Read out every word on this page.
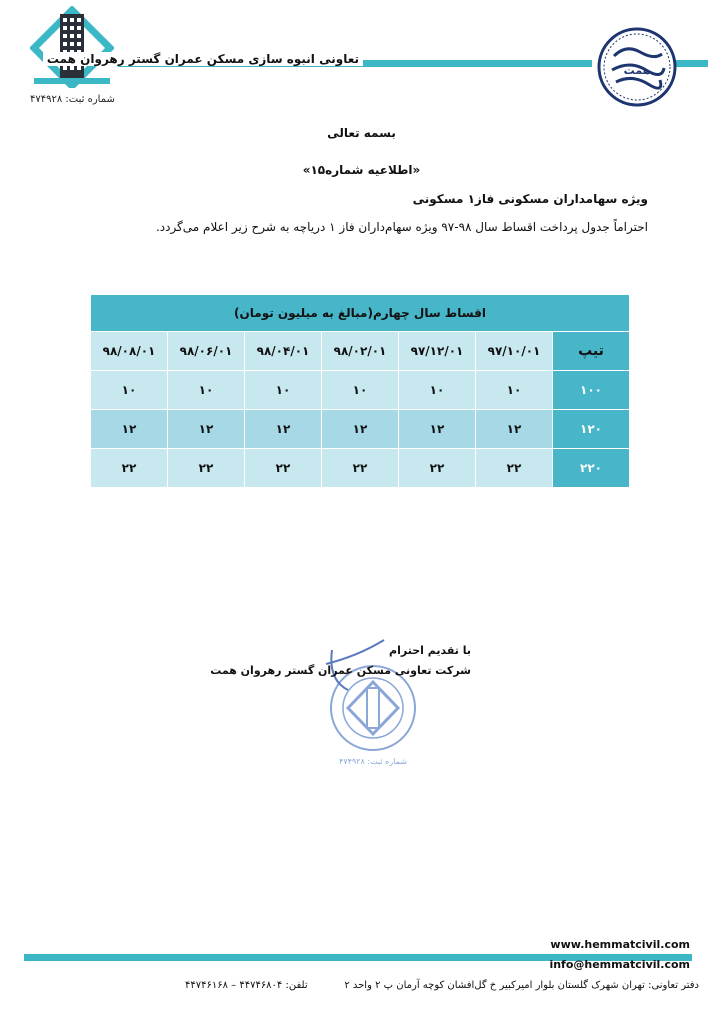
شماره ثبت: ۴۷۴۹۲۸
تعاونی انبوه سازی مسکن عمران گستر رهروان همت
همت
بسمه تعالی
«اطلاعیه شماره۱۵»
ویژه سهامداران مسکونی فاز۱ مسکونی
احتراماً جدول پرداخت اقساط سال ۹۸-۹۷ ویژه سهام‌داران فاز ۱ دریاچه به شرح زیر اعلام می‌گردد.
اقساط سال چهارم(مبالغ به میلیون تومان)						
تیپ	۹۷/۱۰/۰۱	۹۷/۱۲/۰۱	۹۸/۰۲/۰۱	۹۸/۰۴/۰۱	۹۸/۰۶/۰۱	۹۸/۰۸/۰۱
۱۰۰	۱۰	۱۰	۱۰	۱۰	۱۰	۱۰
۱۲۰	۱۲	۱۲	۱۲	۱۲	۱۲	۱۲
۲۲۰	۲۲	۲۲	۲۲	۲۲	۲۲	۲۲
شماره ثبت: ۴۷۴۹۲۸
با تقدیم احترام
شرکت تعاونی مسکن عمران گستر رهروان همت
www.hemmatcivil.com
info@hemmatcivil.com
دفتر تعاونی: تهران شهرک گلستان بلوار امیرکبیر خ گل‌افشان کوچه آرمان پ ۲ واحد ۲
تلفن: ۴۴۷۴۶۸۰۴ – ۴۴۷۴۶۱۶۸
